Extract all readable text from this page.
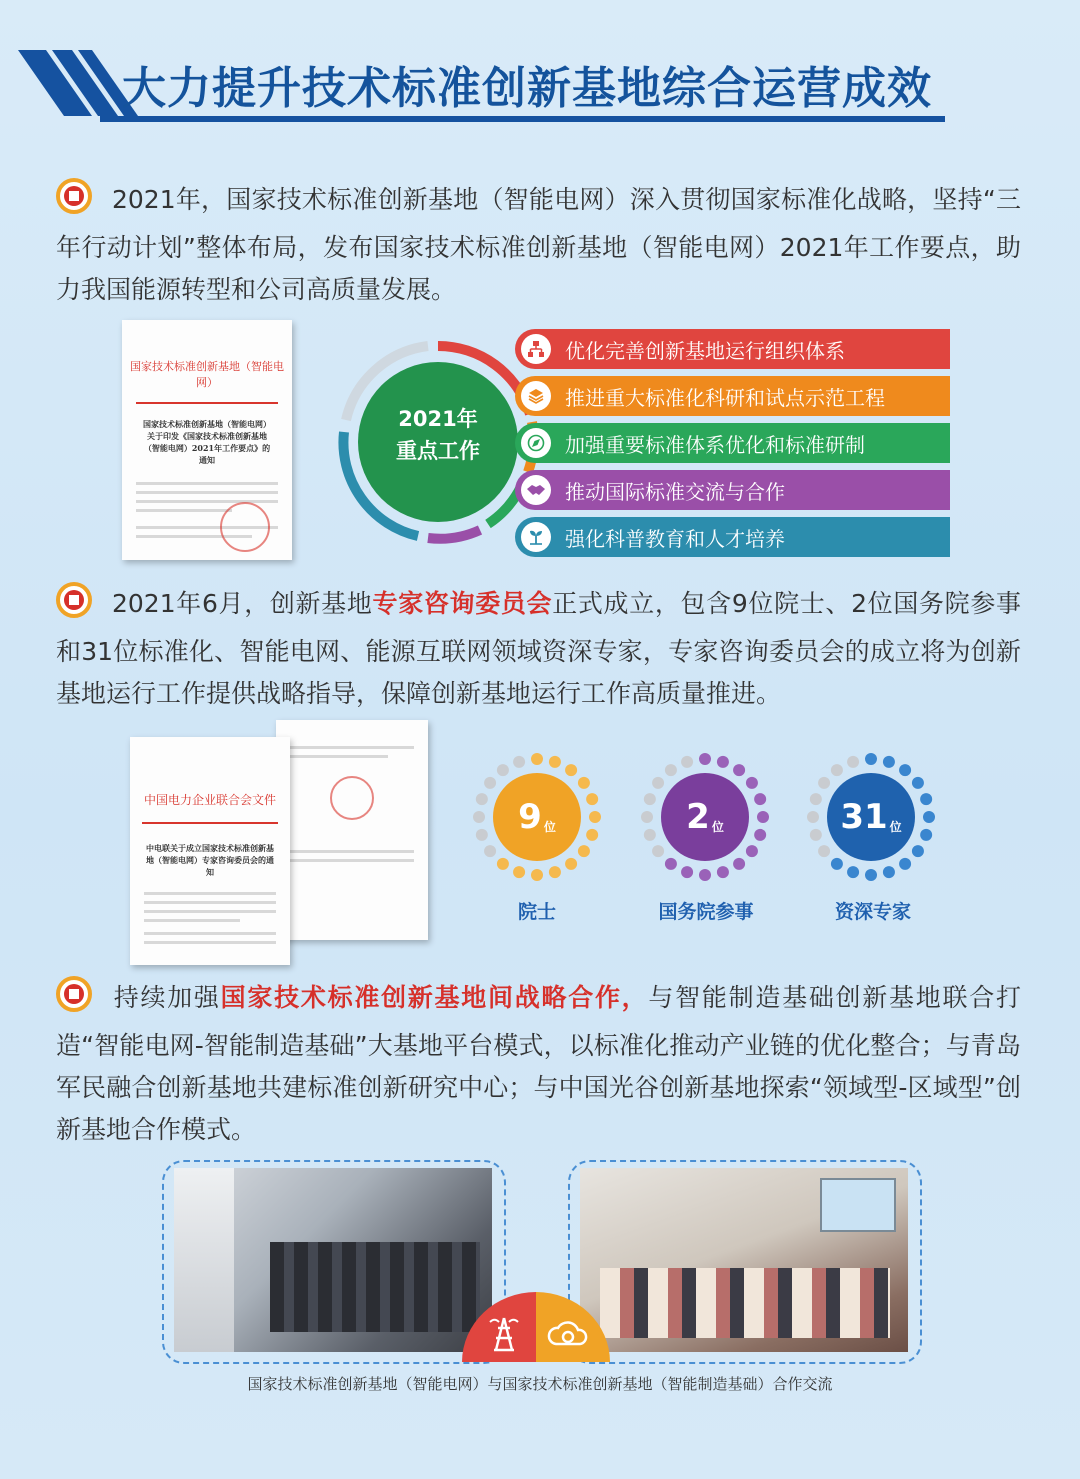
大力提升技术标准创新基地综合运营成效
2021年，国家技术标准创新基地（智能电网）深入贯彻国家标准化战略，坚持“三年行动计划”整体布局，发布国家技术标准创新基地（智能电网）2021年工作要点，助力我国能源转型和公司高质量发展。
国家技术标准创新基地（智能电网）
国家技术标准创新基地（智能电网）关于印发《国家技术标准创新基地（智能电网）2021年工作要点》的通知
2021年
重点工作
优化完善创新基地运行组织体系
推进重大标准化科研和试点示范工程
加强重要标准体系优化和标准研制
推动国际标准交流与合作
强化科普教育和人才培养
2021年6月，创新基地专家咨询委员会正式成立，包含9位院士、2位国务院参事和31位标准化、智能电网、能源互联网领域资深专家，专家咨询委员会的成立将为创新基地运行工作提供战略指导，保障创新基地运行工作高质量推进。
中国电力企业联合会文件
中电联关于成立国家技术标准创新基地（智能电网）专家咨询委员会的通知
9 位
院士
2 位
国务院参事
31 位
资深专家
持续加强国家技术标准创新基地间战略合作，与智能制造基础创新基地联合打造“智能电网-智能制造基础”大基地平台模式，以标准化推动产业链的优化整合；与青岛军民融合创新基地共建标准创新研究中心；与中国光谷创新基地探索“领域型-区域型”创新基地合作模式。
国家技术标准创新基地（智能电网）与国家技术标准创新基地（智能制造基础）合作交流
